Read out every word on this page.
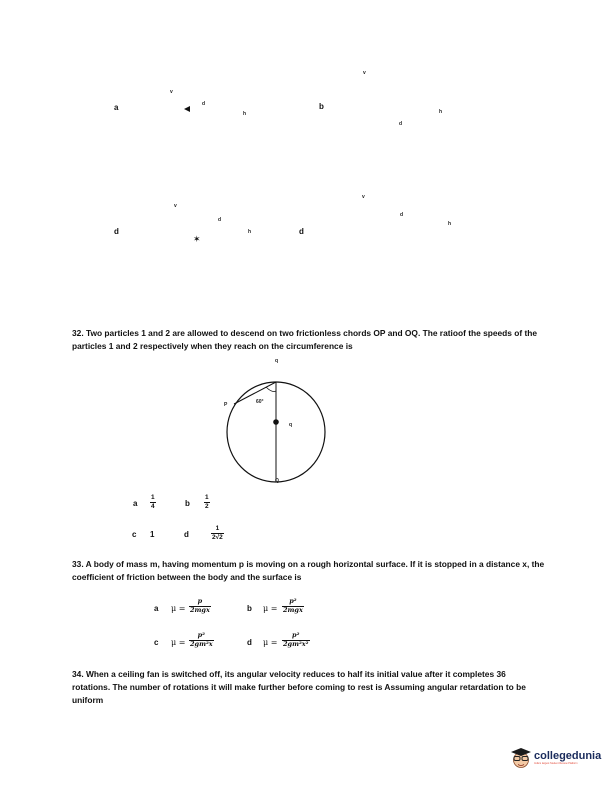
a
v
d
h
b
v
d
h
v
d
h
d
✶
d
v
d
h
32. Two particles 1 and 2 are allowed to descend on two frictionless chords OP and OQ. The ratioof the speeds of the particles 1 and 2 respectively when they reach on the circumference is
q
P	60°
q
Q
a
1
4	b
1
2
c 1	d
1
2√2
33. A body of mass m, having momentum p is moving on a rough horizontal surface. If it is stopped in a distance x, the coefficient of friction between the body and the surface is
a μ =
p
2mgx	b μ =
p²
2mgx
c μ =
p²
2gm²x	d μ =
p²
2gm²x²
34. When a ceiling fan is switched off, its angular velocity reduces to half its initial value after it completes 36 rotations. The number of rotations it will make further before coming to rest is Assuming angular retardation to be uniform
collegedunia
India's largest Student Review Platform
